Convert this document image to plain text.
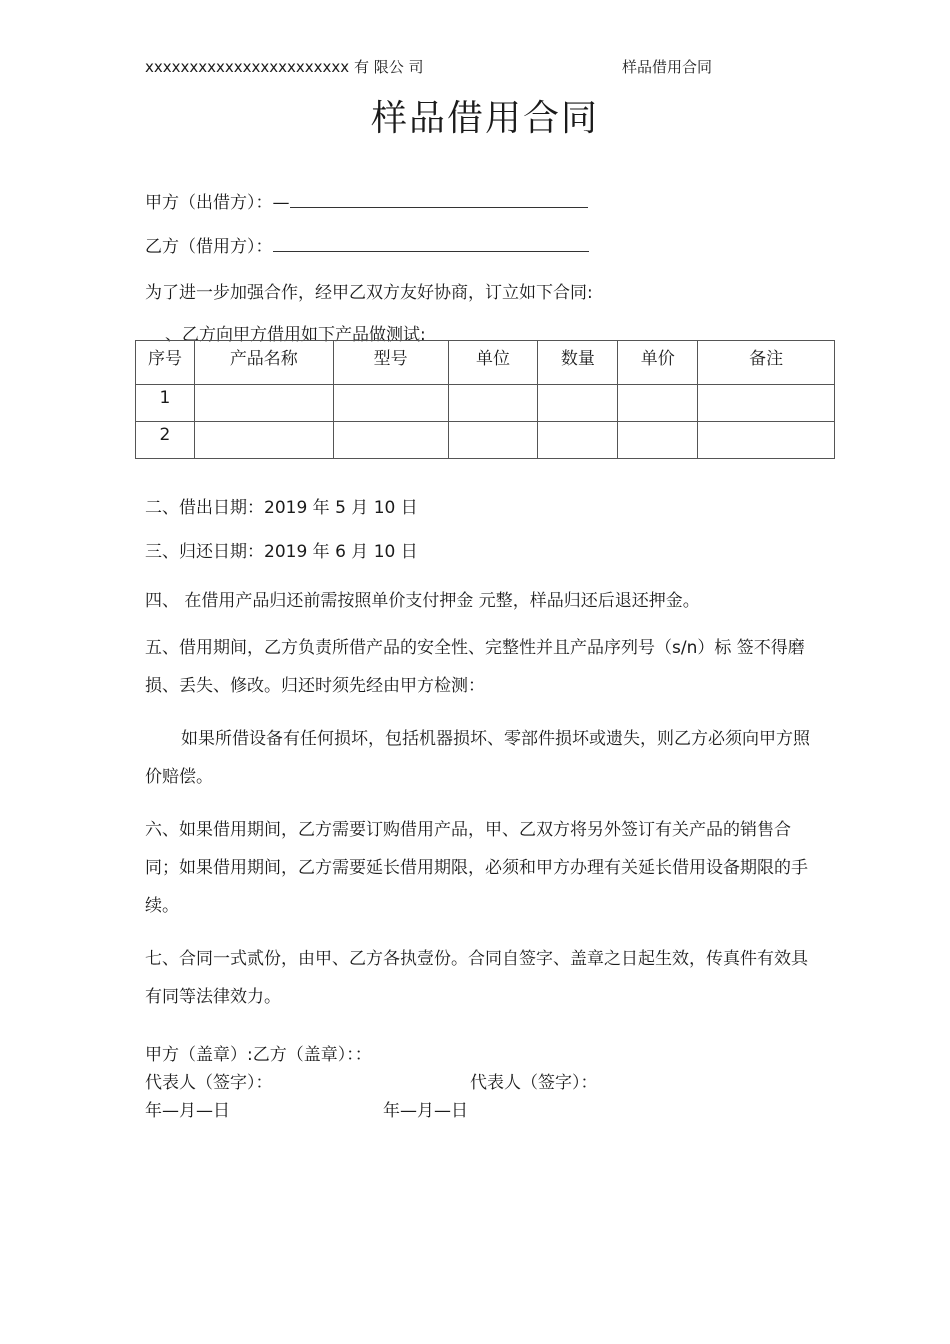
xxxxxxxxxxxxxxxxxxxxxxx 有 限公 司	样品借用合同
样品借用合同
甲方（出借方）：—
乙方（借用方）：
为了进一步加强合作，经甲乙双方友好协商，订立如下合同:
、乙方向甲方借用如下产品做测试:
序号	产品名称	型号	单位	数量	单价	备注
1						
2						
二、借出日期：2019 年 5 月 10 日
三、归还日期：2019 年 6 月 10 日
四、 在借用产品归还前需按照单价支付押金 元整，样品归还后退还押金。
五、借用期间，乙方负责所借产品的安全性、完整性并且产品序列号（s/n）标 签不得磨损、丢失、修改。归还时须先经由甲方检测：
如果所借设备有任何损坏，包括机器损坏、零部件损坏或遗失，则乙方必须向甲方照价赔偿。
六、如果借用期间，乙方需要订购借用产品，甲、乙双方将另外签订有关产品的销售合同；如果借用期间，乙方需要延长借用期限，必须和甲方办理有关延长借用设备期限的手续。
七、合同一式贰份，由甲、乙方各执壹份。合同自签字、盖章之日起生效，传真件有效具有同等法律效力。
甲方（盖章）:乙方（盖章）：：
代表人（签字）：	代表人（签字）：
年—月—日	年—月—日
